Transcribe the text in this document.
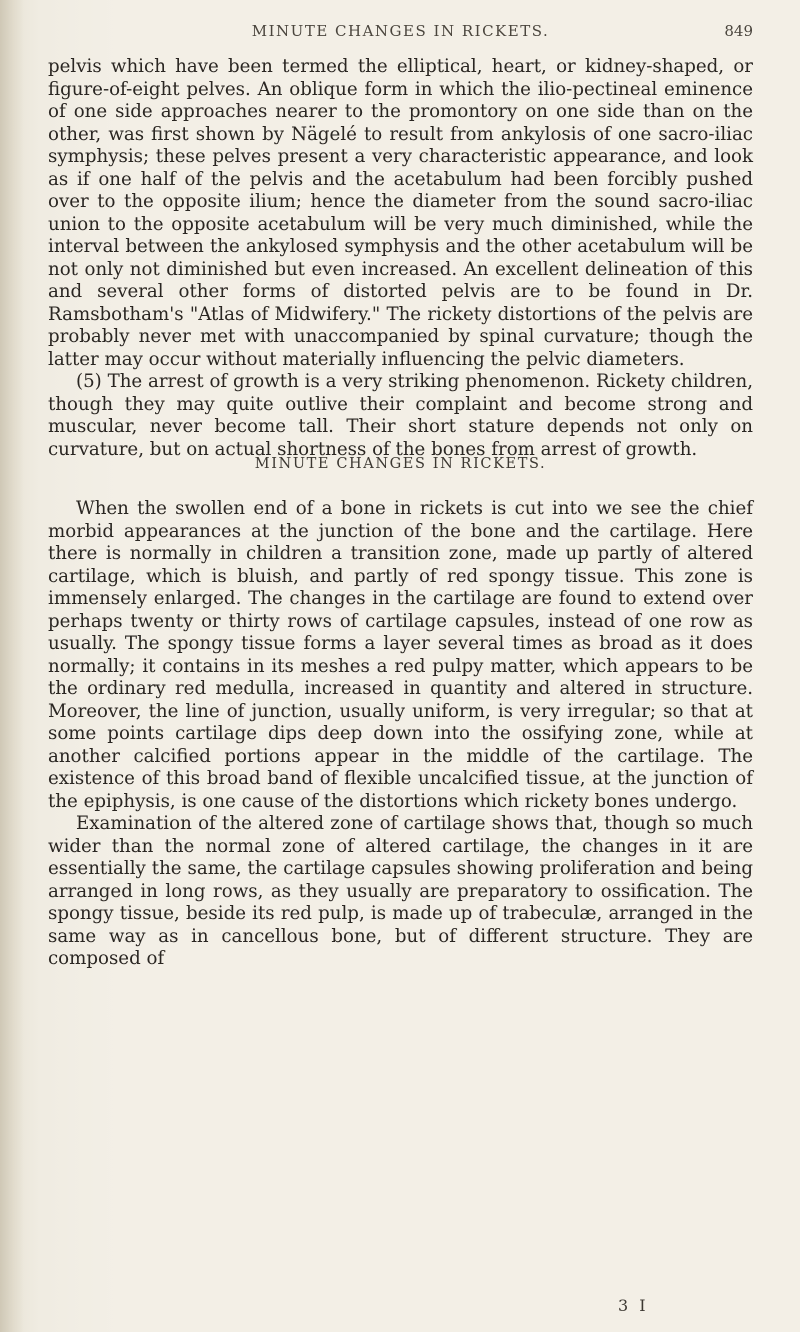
MINUTE CHANGES IN RICKETS.	849

pelvis which have been termed the elliptical, heart, or kidney-shaped, or figure-of-eight pelves. An oblique form in which the ilio-pectineal eminence of one side approaches nearer to the promontory on one side than on the other, was first shown by Nägelé to result from ankylosis of one sacro-iliac symphysis; these pelves present a very characteristic appearance, and look as if one half of the pelvis and the acetabulum had been forcibly pushed over to the opposite ilium; hence the diameter from the sound sacro-iliac union to the opposite acetabulum will be very much diminished, while the interval between the ankylosed symphysis and the other acetabulum will be not only not diminished but even increased. An excellent delineation of this and several other forms of distorted pelvis are to be found in Dr. Ramsbotham's "Atlas of Midwifery." The rickety distortions of the pelvis are probably never met with unaccompanied by spinal curvature; though the latter may occur without materially influencing the pelvic diameters.

(5) The arrest of growth is a very striking phenomenon. Rickety children, though they may quite outlive their complaint and become strong and muscular, never become tall. Their short stature depends not only on curvature, but on actual shortness of the bones from arrest of growth.

MINUTE CHANGES IN RICKETS.

When the swollen end of a bone in rickets is cut into we see the chief morbid appearances at the junction of the bone and the cartilage. Here there is normally in children a transition zone, made up partly of altered cartilage, which is bluish, and partly of red spongy tissue. This zone is immensely enlarged. The changes in the cartilage are found to extend over perhaps twenty or thirty rows of cartilage capsules, instead of one row as usually. The spongy tissue forms a layer several times as broad as it does normally; it contains in its meshes a red pulpy matter, which appears to be the ordinary red medulla, increased in quantity and altered in structure. Moreover, the line of junction, usually uniform, is very irregular; so that at some points cartilage dips deep down into the ossifying zone, while at another calcified portions appear in the middle of the cartilage. The existence of this broad band of flexible uncalcified tissue, at the junction of the epiphysis, is one cause of the distortions which rickety bones undergo.

Examination of the altered zone of cartilage shows that, though so much wider than the normal zone of altered cartilage, the changes in it are essentially the same, the cartilage capsules showing proliferation and being arranged in long rows, as they usually are preparatory to ossification. The spongy tissue, beside its red pulp, is made up of trabeculæ, arranged in the same way as in cancellous bone, but of different structure. They are composed of

3 I
